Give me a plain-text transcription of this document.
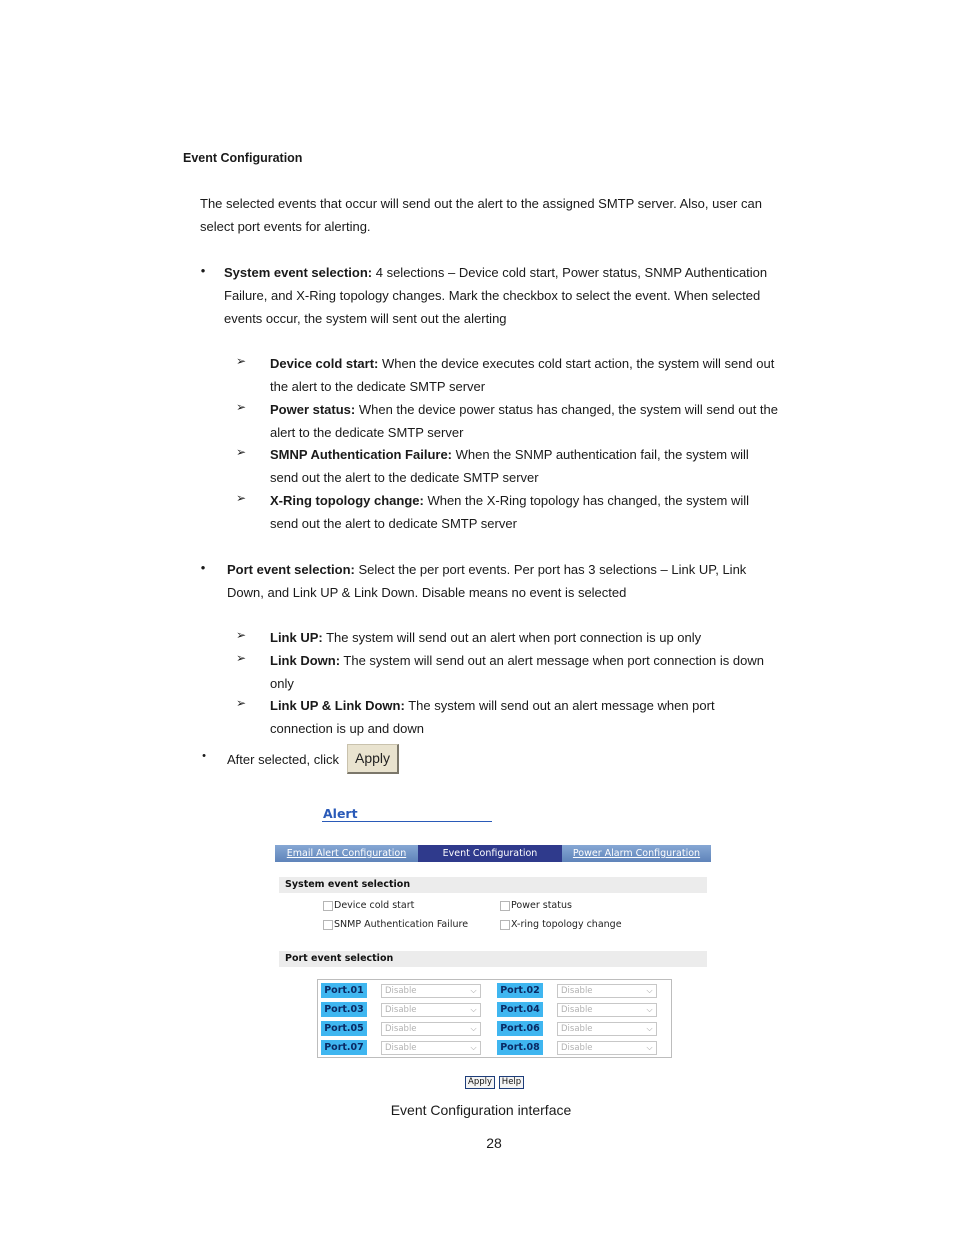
Event Configuration
The selected events that occur will send out the alert to the assigned SMTP server. Also, user can select port events for alerting.
• System event selection: 4 selections – Device cold start, Power status, SNMP Authentication
Failure, and X-Ring topology changes. Mark the checkbox to select the event. When selected
events occur, the system will sent out the alerting
➢	Device cold start: When the device executes cold start action, the system will send out
the alert to the dedicate SMTP server
➢	Power status: When the device power status has changed, the system will send out the
alert to the dedicate SMTP server
➢	SMNP Authentication Failure: When the SNMP authentication fail, the system will
send out the alert to the dedicate SMTP server
➢	X-Ring topology change: When the X-Ring topology has changed, the system will
send out the alert to dedicate SMTP server
• Port event selection: Select the per port events. Per port has 3 selections – Link UP, Link
Down, and Link UP & Link Down. Disable means no event is selected
➢	Link UP: The system will send out an alert when port connection is up only
➢	Link Down: The system will send out an alert message when port connection is down
only
➢	Link UP & Link Down: The system will send out an alert message when port
connection is up and down
• After selected, click	Apply
Alert
Email Alert Configuration	Event Configuration	Power Alarm Configuration
System event selection
Device cold start	Power status
SNMP Authentication Failure	X-ring topology change
Port event selection
Port.01	Disable	⌵	Port.02	Disable	⌵
Port.03	Disable	⌵	Port.04	Disable	⌵
Port.05	Disable	⌵	Port.06	Disable	⌵
Port.07	Disable	⌵	Port.08	Disable	⌵
Apply	Help
Event Configuration interface
28
